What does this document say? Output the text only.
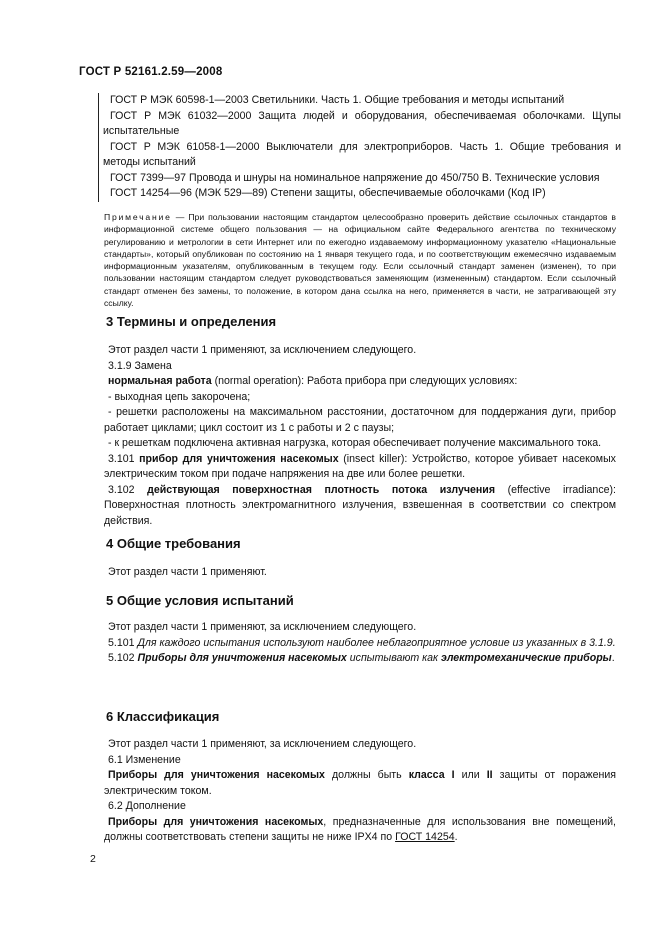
ГОСТ Р 52161.2.59—2008

ГОСТ Р МЭК 60598-1—2003 Светильники. Часть 1. Общие требования и методы испытаний

ГОСТ Р МЭК 61032—2000 Защита людей и оборудования, обеспечиваемая оболочками. Щупы испытательные

ГОСТ Р МЭК 61058-1—2000 Выключатели для электроприборов. Часть 1. Общие требования и методы испытаний

ГОСТ 7399—97 Провода и шнуры на номинальное напряжение до 450/750 В. Технические условия

ГОСТ 14254—96 (МЭК 529—89) Степени защиты, обеспечиваемые оболочками (Код IP)

Примечание — При пользовании настоящим стандартом целесообразно проверить действие ссылочных стандартов в информационной системе общего пользования — на официальном сайте Федерального агентства по техническому регулированию и метрологии в сети Интернет или по ежегодно издаваемому информационному указателю «Национальные стандарты», который опубликован по состоянию на 1 января текущего года, и по соответствующим ежемесячно издаваемым информационным указателям, опубликованным в текущем году. Если ссылочный стандарт заменен (изменен), то при пользовании настоящим стандартом следует руководствоваться заменяющим (измененным) стандартом. Если ссылочный стандарт отменен без замены, то положение, в котором дана ссылка на него, применяется в части, не затрагивающей эту ссылку.

3 Термины и определения

Этот раздел части 1 применяют, за исключением следующего.

3.1.9 Замена

нормальная работа (normal operation): Работа прибора при следующих условиях:

- выходная цепь закорочена;

- решетки расположены на максимальном расстоянии, достаточном для поддержания дуги, прибор работает циклами; цикл состоит из 1 с работы и 2 с паузы;

- к решеткам подключена активная нагрузка, которая обеспечивает получение максимального тока.

3.101 прибор для уничтожения насекомых (insect killer): Устройство, которое убивает насекомых электрическим током при подаче напряжения на две или более решетки.

3.102 действующая поверхностная плотность потока излучения (effective irradiance): Поверхностная плотность электромагнитного излучения, взвешенная в соответствии со спектром действия.

4 Общие требования

Этот раздел части 1 применяют.

5 Общие условия испытаний

Этот раздел части 1 применяют, за исключением следующего.

5.101 Для каждого испытания используют наиболее неблагоприятное условие из указанных в 3.1.9.

5.102 Приборы для уничтожения насекомых испытывают как электромеханические приборы.

6 Классификация

Этот раздел части 1 применяют, за исключением следующего.

6.1 Изменение

Приборы для уничтожения насекомых должны быть класса I или II защиты от поражения электрическим током.

6.2 Дополнение

Приборы для уничтожения насекомых, предназначенные для использования вне помещений, должны соответствовать степени защиты не ниже IPX4 по ГОСТ 14254.

2
